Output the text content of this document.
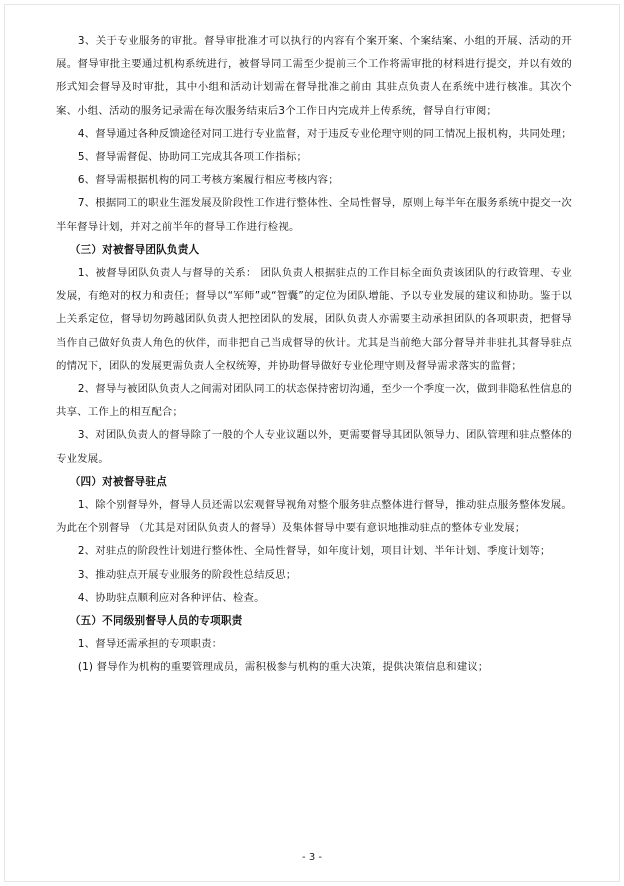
3、关于专业服务的审批。督导审批准才可以执行的内容有个案开案、个案结案、小组的开展、活动的开展。督导审批主要通过机构系统进行，被督导同工需至少提前三个工作将需审批的材料进行提交，并以有效的形式知会督导及时审批，其中小组和活动计划需在督导批准之前由 其驻点负责人在系统中进行核准。其次个案、小组、活动的服务记录需在每次服务结束后3个工作日内完成并上传系统，督导自行审阅；

4、督导通过各种反馈途径对同工进行专业监督，对于违反专业伦理守则的同工情况上报机构，共同处理；

5、督导需督促、协助同工完成其各项工作指标；

6、督导需根据机构的同工考核方案履行相应考核内容；

7、根据同工的职业生涯发展及阶段性工作进行整体性、全局性督导，原则上每半年在服务系统中提交一次半年督导计划，并对之前半年的督导工作进行检视。

（三）对被督导团队负责人

1、被督导团队负责人与督导的关系： 团队负责人根据驻点的工作目标全面负责该团队的行政管理、专业发展，有绝对的权力和责任；督导以“军师”或“智囊”的定位为团队增能、予以专业发展的建议和协助。鉴于以上关系定位，督导切勿跨越团队负责人把控团队的发展，团队负责人亦需要主动承担团队的各项职责，把督导当作自己做好负责人角色的伙伴，而非把自己当成督导的伙计。尤其是当前绝大部分督导并非驻扎其督导驻点的情况下，团队的发展更需负责人全权统筹，并协助督导做好专业伦理守则及督导需求落实的监督；

2、督导与被团队负责人之间需对团队同工的状态保持密切沟通，至少一个季度一次，做到非隐私性信息的共享、工作上的相互配合；

3、对团队负责人的督导除了一般的个人专业议题以外，更需要督导其团队领导力、团队管理和驻点整体的专业发展。

（四）对被督导驻点

1、除个别督导外，督导人员还需以宏观督导视角对整个服务驻点整体进行督导，推动驻点服务整体发展。为此在个别督导 （尤其是对团队负责人的督导）及集体督导中要有意识地推动驻点的整体专业发展；

2、对驻点的阶段性计划进行整体性、全局性督导，如年度计划，项目计划、半年计划、季度计划等；

3、推动驻点开展专业服务的阶段性总结反思；

4、协助驻点顺利应对各种评估、检查。

（五）不同级别督导人员的专项职责

1、督导还需承担的专项职责：

(1) 督导作为机构的重要管理成员，需积极参与机构的重大决策，提供决策信息和建议；

- 3 -
